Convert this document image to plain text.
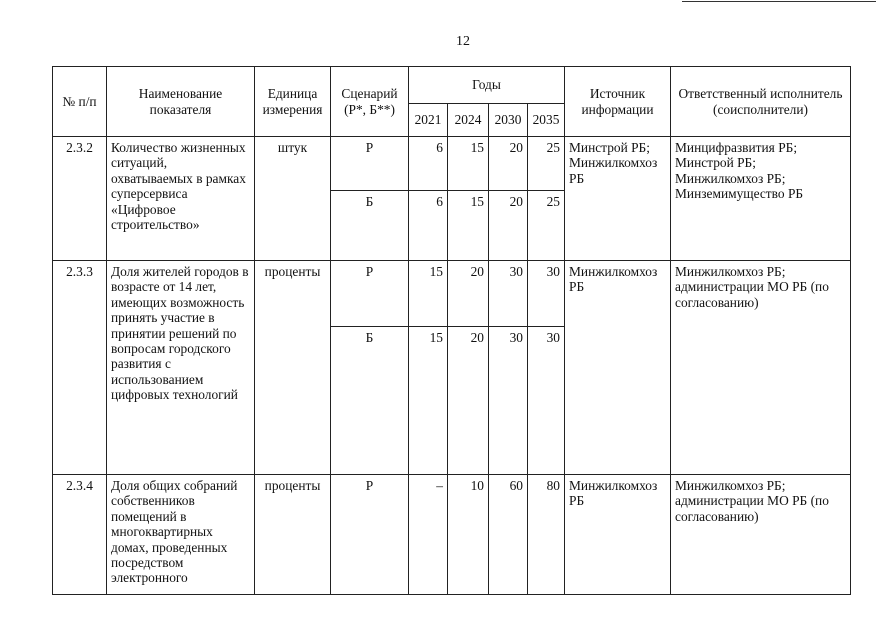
12
№ п/п	Наименование показателя	Единица измерения	Сценарий (Р*, Б**)	Годы				Источник информации	Ответственный исполнитель (соисполнители)
				2021	2024	2030	2035		
2.3.2	Количество жизненных ситуаций, охватываемых в рамках суперсервиса «Цифровое строительство»	штук	Р	6	15	20	25	Минстрой РБ; Минжилкомхоз РБ	Минцифразвития РБ; Минстрой РБ; Минжилкомхоз РБ; Минземимущество РБ
			Б	6	15	20	25		
2.3.3	Доля жителей городов в возрасте от 14 лет, имеющих возможность принять участие в принятии решений по вопросам городского развития с использованием цифровых технологий	проценты	Р	15	20	30	30	Минжилкомхоз РБ	Минжилкомхоз РБ; администрации МО РБ (по согласованию)
			Б	15	20	30	30		
2.3.4	Доля общих собраний собственников помещений в многоквартирных домах, проведенных посредством электронного	проценты	Р	–	10	60	80	Минжилкомхоз РБ	Минжилкомхоз РБ; администрации МО РБ (по согласованию)
